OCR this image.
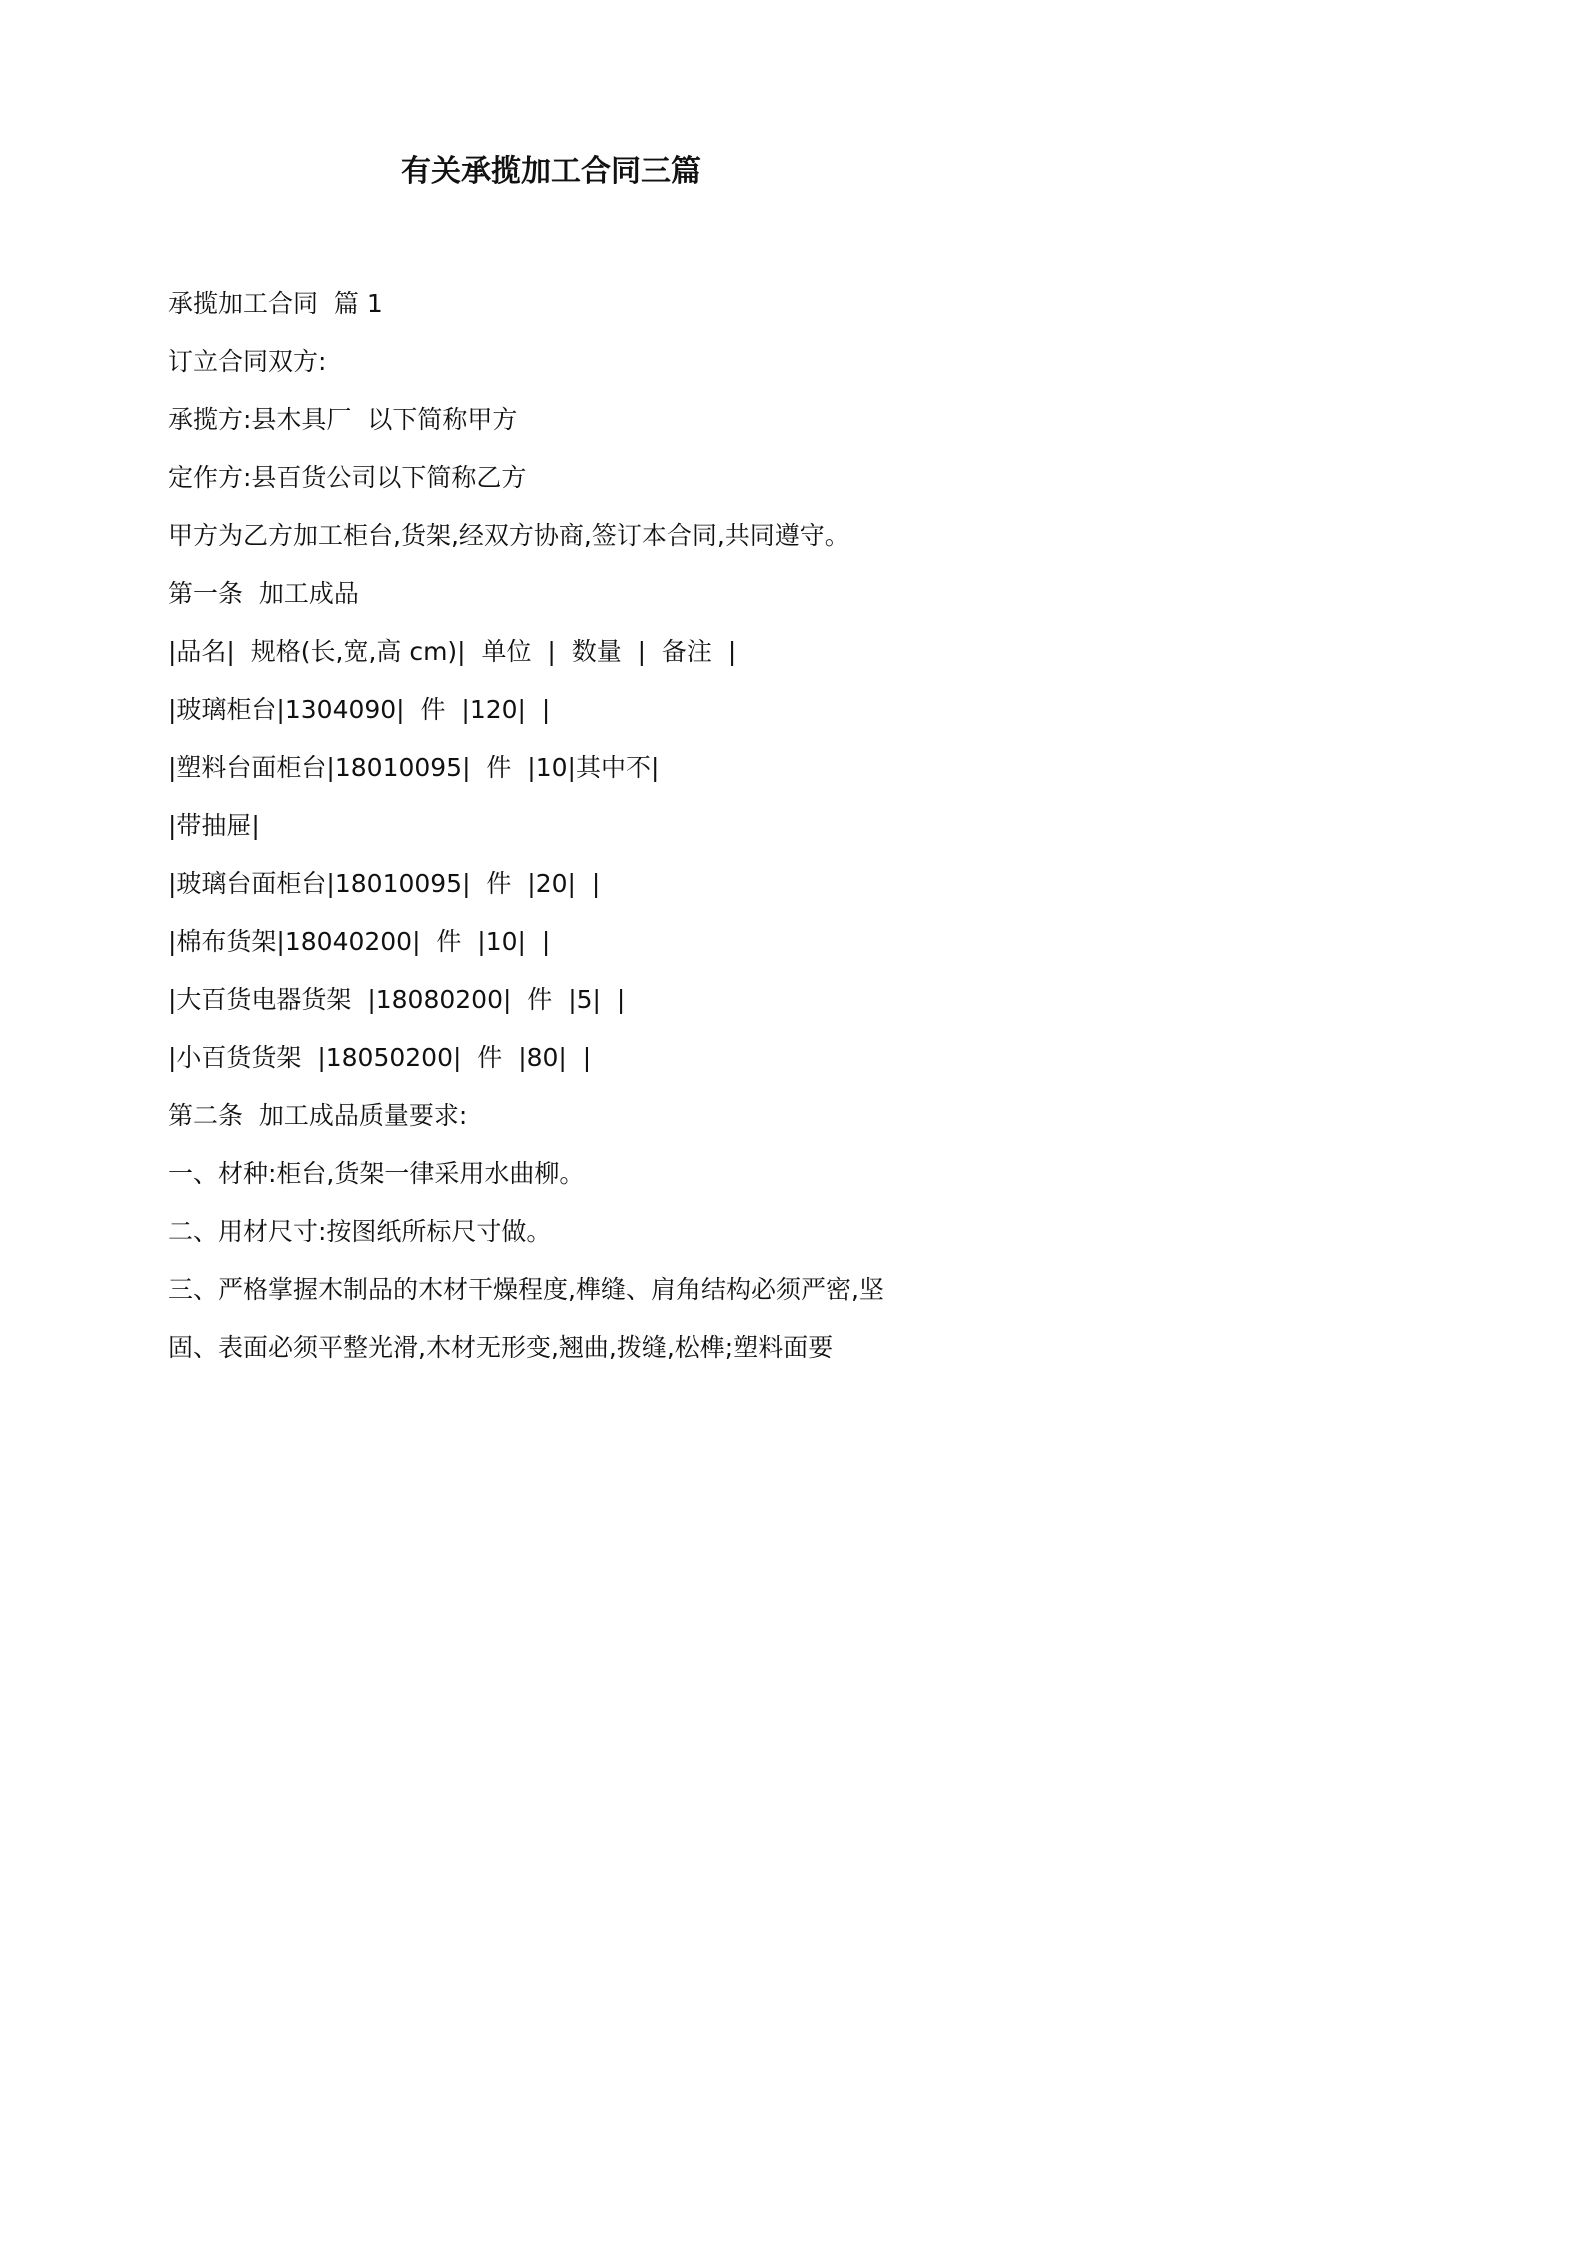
有关承揽加工合同三篇
承揽加工合同  篇 1
订立合同双方:
承揽方:县木具厂  以下简称甲方
定作方:县百货公司以下简称乙方
甲方为乙方加工柜台,货架,经双方协商,签订本合同,共同遵守。
第一条  加工成品
|品名|  规格(长,宽,高 cm)|  单位  |  数量  |  备注  |
|玻璃柜台|1304090|  件  |120|  |
|塑料台面柜台|18010095|  件  |10|其中不|
|带抽屉|
|玻璃台面柜台|18010095|  件  |20|  |
|棉布货架|18040200|  件  |10|  |
|大百货电器货架  |18080200|  件  |5|  |
|小百货货架  |18050200|  件  |80|  |
第二条  加工成品质量要求:
一、材种:柜台,货架一律采用水曲柳。
二、用材尺寸:按图纸所标尺寸做。
三、严格掌握木制品的木材干燥程度,榫缝、肩角结构必须严密,坚
固、表面必须平整光滑,木材无形变,翘曲,拨缝,松榫;塑料面要
